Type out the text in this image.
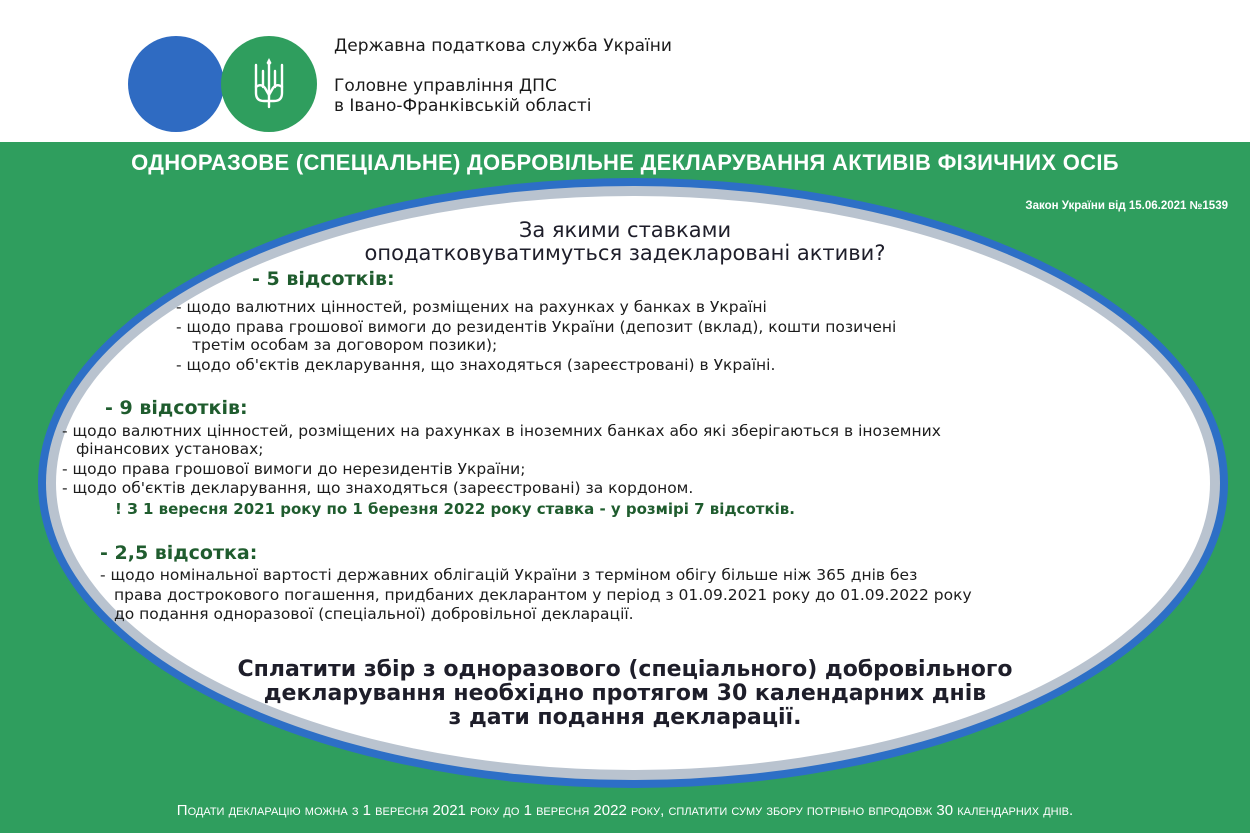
Державна податкова служба України
Головне управління ДПС
в Івано-Франківській області
ОДНОРАЗОВЕ (СПЕЦІАЛЬНЕ) ДОБРОВІЛЬНЕ ДЕКЛАРУВАННЯ АКТИВІВ ФІЗИЧНИХ ОСІБ
Закон України від 15.06.2021 №1539
За якими ставками
оподатковуватимуться задекларовані активи?
- 5 відсотків:
- щодо валютних цінностей, розміщених на рахунках у банках в Україні
- щодо права грошової вимоги до резидентів України (депозит (вклад), кошти позичені
третім особам за договором позики);
- щодо об'єктів декларування, що знаходяться (зареєстровані) в Україні.
- 9 відсотків:
- щодо валютних цінностей, розміщених на рахунках в іноземних банках або які зберігаються в іноземних
фінансових установах;
- щодо права грошової вимоги до нерезидентів України;
- щодо об'єктів декларування, що знаходяться (зареєстровані) за кордоном.
! З 1 вересня 2021 року по 1 березня 2022 року ставка - у розмірі 7 відсотків.
- 2,5 відсотка:
- щодо номінальної вартості державних облігацій України з терміном обігу більше ніж 365 днів без
права дострокового погашення, придбаних декларантом у період з 01.09.2021 року до 01.09.2022 року
до подання одноразової (спеціальної) добровільної декларації.
Сплатити збір з одноразового (спеціального) добровільного
декларування необхідно протягом 30 календарних днів
з дати подання декларації.
Подати декларацію можна з 1 вересня 2021 року до 1 вересня 2022 року, сплатити суму збору потрібно впродовж 30 календарних днів.
